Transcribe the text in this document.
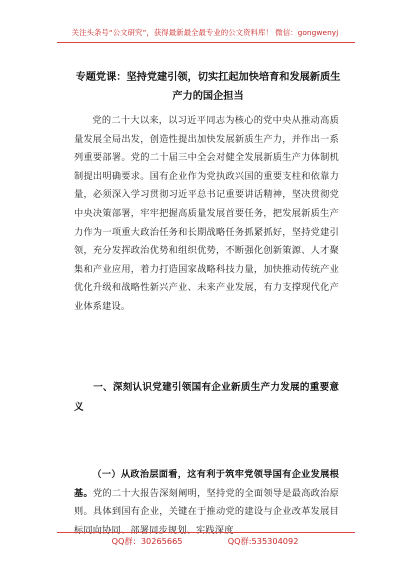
关注头条号“公文研究”，获得最新最全最专业的公文资料库！ 微信：gongwenyj
专题党课：坚持党建引领，切实扛起加快培育和发展新质生产力的国企担当
党的二十大以来，以习近平同志为核心的党中央从推动高质量发展全局出发，创造性提出加快发展新质生产力，并作出一系列重要部署。党的二十届三中全会对健全发展新质生产力体制机制提出明确要求。国有企业作为党执政兴国的重要支柱和依靠力量，必须深入学习贯彻习近平总书记重要讲话精神，坚决贯彻党中央决策部署，牢牢把握高质量发展首要任务，把发展新质生产力作为一项重大政治任务和长期战略任务抓紧抓好，坚持党建引领，充分发挥政治优势和组织优势，不断强化创新策源、人才聚集和产业应用，着力打造国家战略科技力量，加快推动传统产业优化升级和战略性新兴产业、未来产业发展，有力支撑现代化产业体系建设。
一、深刻认识党建引领国有企业新质生产力发展的重要意义
（一）从政治层面看，这有利于筑牢党领导国有企业发展根基。党的二十大报告深刻阐明，坚持党的全面领导是最高政治原则。具体到国有企业，关键在于推动党的建设与企业改革发展目标同向协同、部署同步规划、实践深度
QQ群：30265665	QQ群:535304092
